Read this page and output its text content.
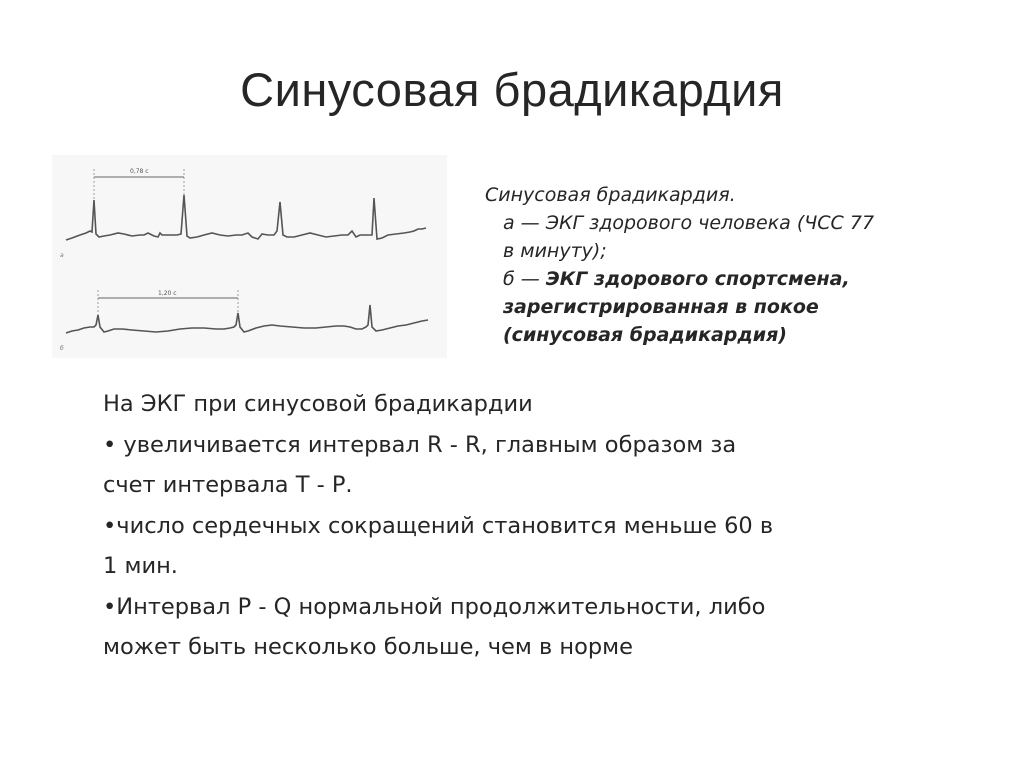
Синусовая брадикардия
0,78 с
а
1,20 с
б
Синусовая брадикардия.
а — ЭКГ здорового человека (ЧСС 77
в минуту);
б — ЭКГ здорового спортсмена,
зарегистрированная в покое
(синусовая брадикардия)
На ЭКГ при синусовой брадикардии
• увеличивается интервал R - R, главным образом за
счет интервала Т - Р.
•число сердечных сокращений становится меньше 60 в
1 мин.
•Интервал P - Q нормальной продолжительности, либо
может быть несколько больше, чем в норме
